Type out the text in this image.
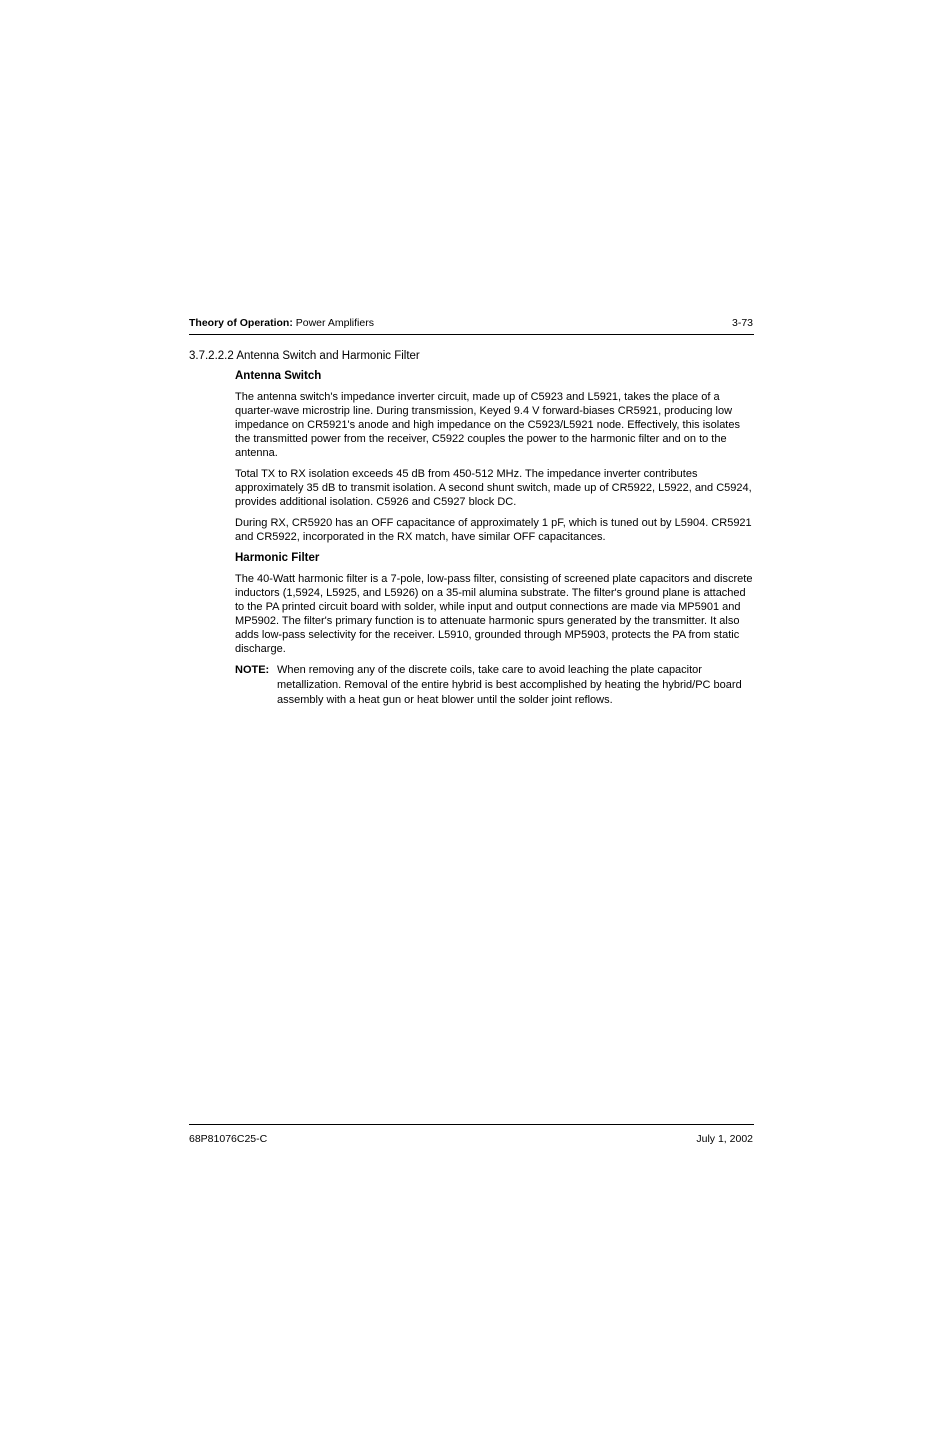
Theory of Operation: Power Amplifiers	3-73
3.7.2.2.2 Antenna Switch and Harmonic Filter
Antenna Switch

The antenna switch's impedance inverter circuit, made up of C5923 and L5921, takes the place of a quarter-wave microstrip line. During transmission, Keyed 9.4 V forward-biases CR5921, producing low impedance on CR5921's anode and high impedance on the C5923/L5921 node. Effectively, this isolates the transmitted power from the receiver, C5922 couples the power to the harmonic filter and on to the antenna.

Total TX to RX isolation exceeds 45 dB from 450-512 MHz. The impedance inverter contributes approximately 35 dB to transmit isolation. A second shunt switch, made up of CR5922, L5922, and C5924, provides additional isolation. C5926 and C5927 block DC.

During RX, CR5920 has an OFF capacitance of approximately 1 pF, which is tuned out by L5904. CR5921 and CR5922, incorporated in the RX match, have similar OFF capacitances.

Harmonic Filter

The 40-Watt harmonic filter is a 7-pole, low-pass filter, consisting of screened plate capacitors and discrete inductors (1,5924, L5925, and L5926) on a 35-mil alumina substrate. The filter's ground plane is attached to the PA printed circuit board with solder, while input and output connections are made via MP5901 and MP5902. The filter's primary function is to attenuate harmonic spurs generated by the transmitter. It also adds low-pass selectivity for the receiver. L5910, grounded through MP5903, protects the PA from static discharge.

NOTE: When removing any of the discrete coils, take care to avoid leaching the plate capacitor metallization. Removal of the entire hybrid is best accomplished by heating the hybrid/PC board assembly with a heat gun or heat blower until the solder joint reflows.
68P81076C25-C	July 1, 2002
